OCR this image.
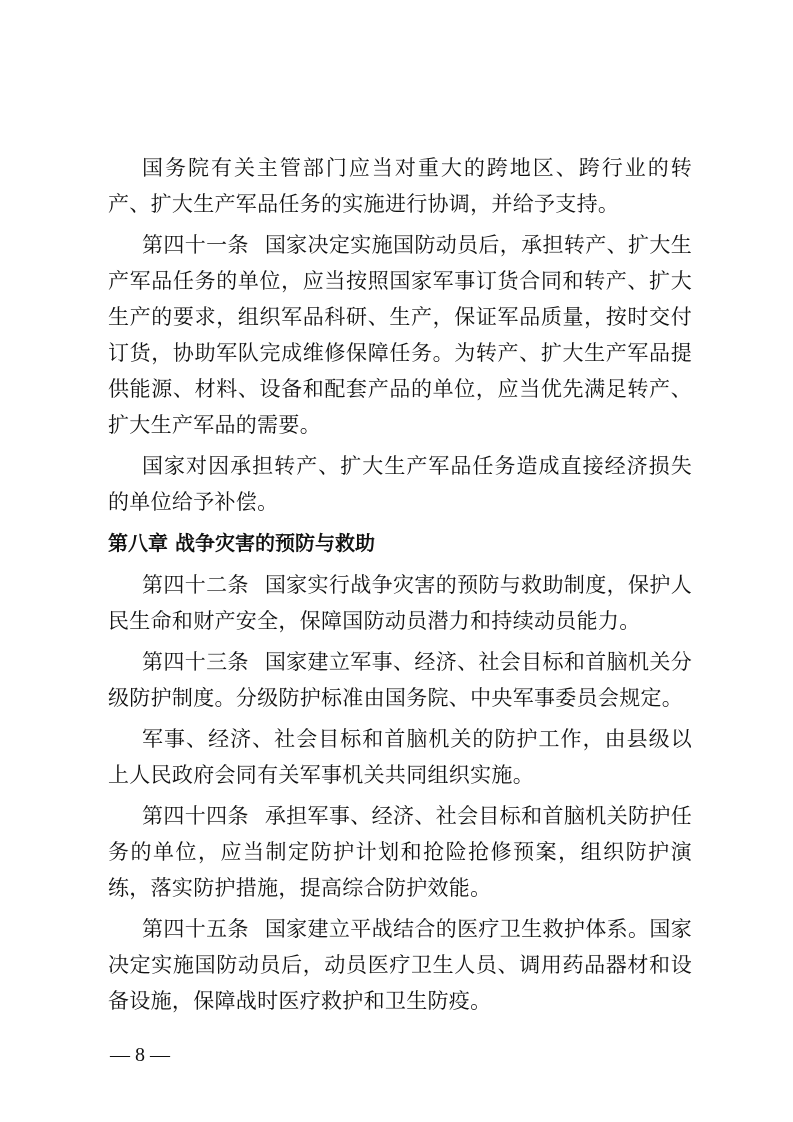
国务院有关主管部门应当对重大的跨地区、跨行业的转产、扩大生产军品任务的实施进行协调，并给予支持。

第四十一条 国家决定实施国防动员后，承担转产、扩大生产军品任务的单位，应当按照国家军事订货合同和转产、扩大生产的要求，组织军品科研、生产，保证军品质量，按时交付订货，协助军队完成维修保障任务。为转产、扩大生产军品提供能源、材料、设备和配套产品的单位，应当优先满足转产、扩大生产军品的需要。

国家对因承担转产、扩大生产军品任务造成直接经济损失的单位给予补偿。

第八章 战争灾害的预防与救助

第四十二条 国家实行战争灾害的预防与救助制度，保护人民生命和财产安全，保障国防动员潜力和持续动员能力。

第四十三条 国家建立军事、经济、社会目标和首脑机关分级防护制度。分级防护标准由国务院、中央军事委员会规定。

军事、经济、社会目标和首脑机关的防护工作，由县级以上人民政府会同有关军事机关共同组织实施。

第四十四条 承担军事、经济、社会目标和首脑机关防护任务的单位，应当制定防护计划和抢险抢修预案，组织防护演练，落实防护措施，提高综合防护效能。

第四十五条 国家建立平战结合的医疗卫生救护体系。国家决定实施国防动员后，动员医疗卫生人员、调用药品器材和设备设施，保障战时医疗救护和卫生防疫。

— 8 —
